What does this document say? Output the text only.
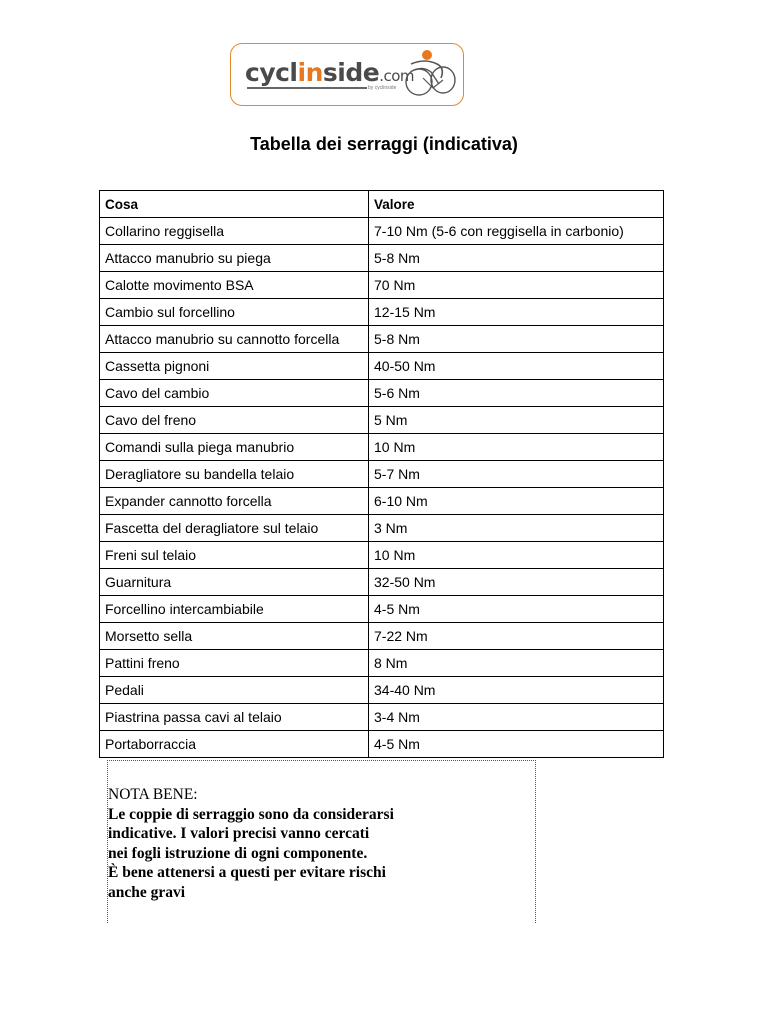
cyclinside.com
by cyclinside
Tabella dei serraggi (indicativa)
Cosa	Valore
Collarino reggisella	7-10 Nm (5-6 con reggisella in carbonio)
Attacco manubrio su piega	5-8 Nm
Calotte movimento BSA	70 Nm
Cambio sul forcellino	12-15 Nm
Attacco manubrio su cannotto forcella	5-8 Nm
Cassetta pignoni	40-50 Nm
Cavo del cambio	5-6 Nm
Cavo del freno	5 Nm
Comandi sulla piega manubrio	10 Nm
Deragliatore su bandella telaio	5-7 Nm
Expander cannotto forcella	6-10 Nm
Fascetta del deragliatore sul telaio	3 Nm
Freni sul telaio	10 Nm
Guarnitura	32-50 Nm
Forcellino intercambiabile	4-5 Nm
Morsetto sella	7-22 Nm
Pattini freno	8 Nm
Pedali	34-40 Nm
Piastrina passa cavi al telaio	3-4 Nm
Portaborraccia	4-5 Nm
NOTA BENE:
Le coppie di serraggio sono da considerarsi
indicative. I valori precisi vanno cercati
nei fogli istruzione di ogni componente.
È bene attenersi a questi per evitare rischi
anche gravi
